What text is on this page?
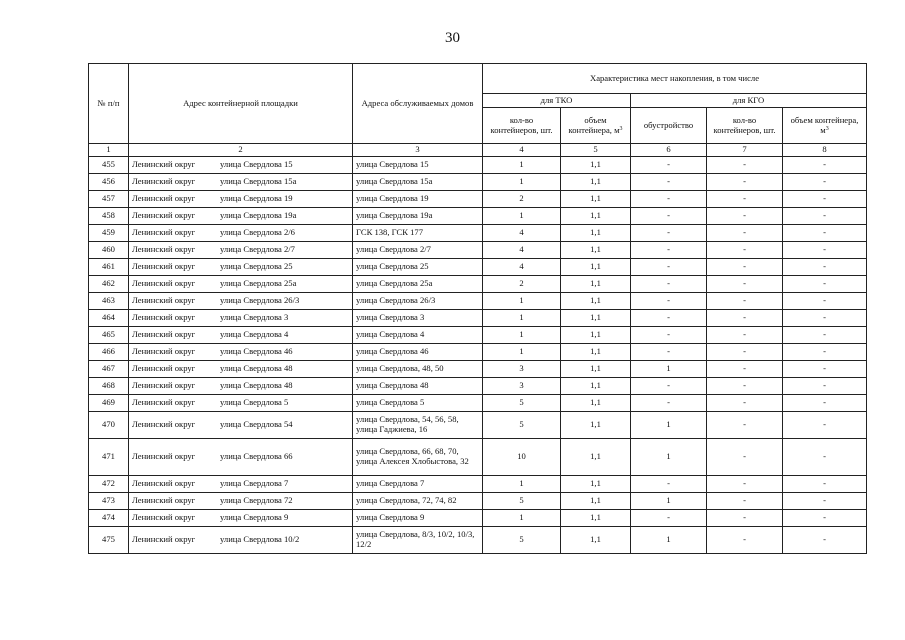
30
№ п/п	Адрес контейнерной площадки	Адреса обслуживаемых домов	Характеристика мест накопления, в том числе				
			для ТКО		для КГО		
			кол-во контейнеров, шт.	объем контейнера, $м^3$	обустройство	кол-во контейнеров, шт.	объем контейнера, $м^3$
1	2	3	4	5	6	7	8
455	Ленинский округ улица Свердлова 15	улица Свердлова 15	1	1,1	-	-	-
456	Ленинский округ улица Свердлова 15а	улица Свердлова 15а	1	1,1	-	-	-
457	Ленинский округ улица Свердлова 19	улица Свердлова 19	2	1,1	-	-	-
458	Ленинский округ улица Свердлова 19а	улица Свердлова 19а	1	1,1	-	-	-
459	Ленинский округ улица Свердлова 2/6	ГСК 138, ГСК 177	4	1,1	-	-	-
460	Ленинский округ улица Свердлова 2/7	улица Свердлова 2/7	4	1,1	-	-	-
461	Ленинский округ улица Свердлова 25	улица Свердлова 25	4	1,1	-	-	-
462	Ленинский округ улица Свердлова 25а	улица Свердлова 25а	2	1,1	-	-	-
463	Ленинский округ улица Свердлова 26/3	улица Свердлова 26/3	1	1,1	-	-	-
464	Ленинский округ улица Свердлова 3	улица Свердлова 3	1	1,1	-	-	-
465	Ленинский округ улица Свердлова 4	улица Свердлова 4	1	1,1	-	-	-
466	Ленинский округ улица Свердлова 46	улица Свердлова 46	1	1,1	-	-	-
467	Ленинский округ улица Свердлова 48	улица Свердлова, 48, 50	3	1,1	1	-	-
468	Ленинский округ улица Свердлова 48	улица Свердлова 48	3	1,1	-	-	-
469	Ленинский округ улица Свердлова 5	улица Свердлова 5	5	1,1	-	-	-
470	Ленинский округ улица Свердлова 54	улица Свердлова, 54, 56, 58, улица Гаджиева, 16	5	1,1	1	-	-
471	Ленинский округ улица Свердлова 66	улица Свердлова, 66, 68, 70, улица Алексея Хлобыстова, 32	10	1,1	1	-	-
472	Ленинский округ улица Свердлова 7	улица Свердлова 7	1	1,1	-	-	-
473	Ленинский округ улица Свердлова 72	улица Свердлова, 72, 74, 82	5	1,1	1	-	-
474	Ленинский округ улица Свердлова 9	улица Свердлова 9	1	1,1	-	-	-
475	Ленинский округ улица Свердлова 10/2	улица Свердлова, 8/3, 10/2, 10/3, 12/2	5	1,1	1	-	-
